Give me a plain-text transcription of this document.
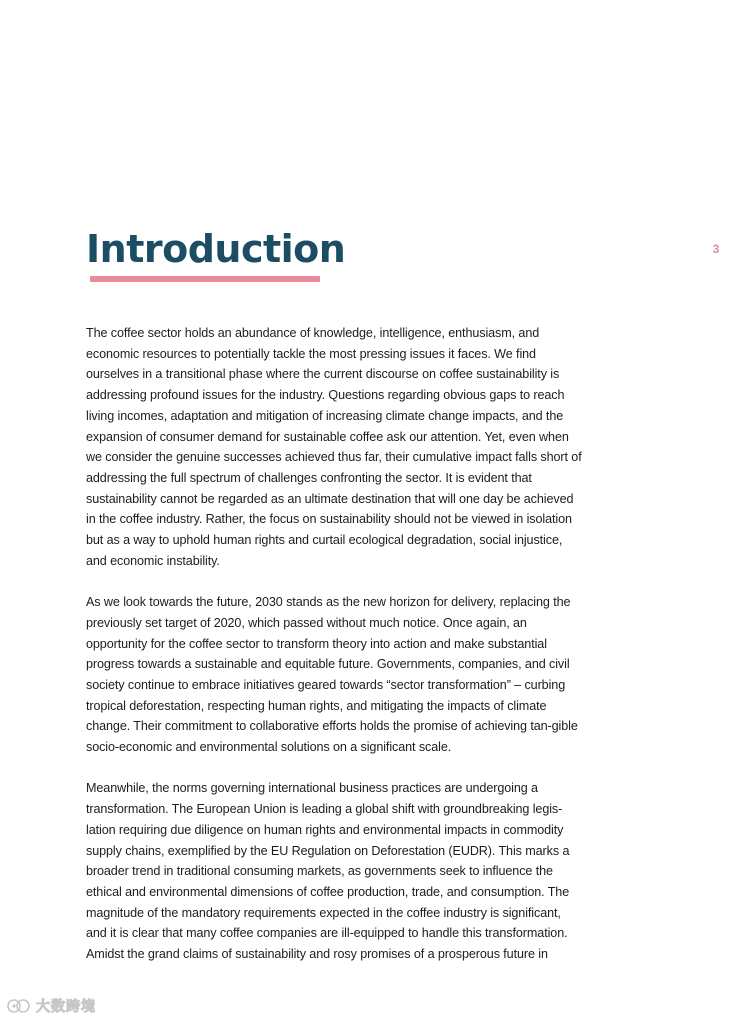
Introduction	3

The coffee sector holds an abundance of knowledge, intelligence, enthusiasm, and economic resources to potentially tackle the most pressing issues it faces. We find ourselves in a transitional phase where the current discourse on coffee sustainability is addressing profound issues for the industry. Questions regarding obvious gaps to reach living incomes, adaptation and mitigation of increasing climate change impacts, and the expansion of consumer demand for sustainable coffee ask our attention. Yet, even when we consider the genuine successes achieved thus far, their cumulative impact falls short of addressing the full spectrum of challenges confronting the sector. It is evident that sustainability cannot be regarded as an ultimate destination that will one day be achieved in the coffee industry. Rather, the focus on sustainability should not be viewed in isolation but as a way to uphold human rights and curtail ecological degradation, social injustice, and economic instability.

As we look towards the future, 2030 stands as the new horizon for delivery, replacing the previously set target of 2020, which passed without much notice. Once again, an opportunity for the coffee sector to transform theory into action and make substantial progress towards a sustainable and equitable future. Governments, companies, and civil society continue to embrace initiatives geared towards “sector transformation” – curbing tropical deforestation, respecting human rights, and mitigating the impacts of climate change. Their commitment to collaborative efforts holds the promise of achieving tan-gible socio-economic and environmental solutions on a significant scale.

Meanwhile, the norms governing international business practices are undergoing a transformation. The European Union is leading a global shift with groundbreaking legis-lation requiring due diligence on human rights and environmental impacts in commodity supply chains, exemplified by the EU Regulation on Deforestation (EUDR). This marks a broader trend in traditional consuming markets, as governments seek to influence the ethical and environmental dimensions of coffee production, trade, and consumption. The magnitude of the mandatory requirements expected in the coffee industry is significant, and it is clear that many coffee companies are ill-equipped to handle this transformation. Amidst the grand claims of sustainability and rosy promises of a prosperous future in

大数跨境
